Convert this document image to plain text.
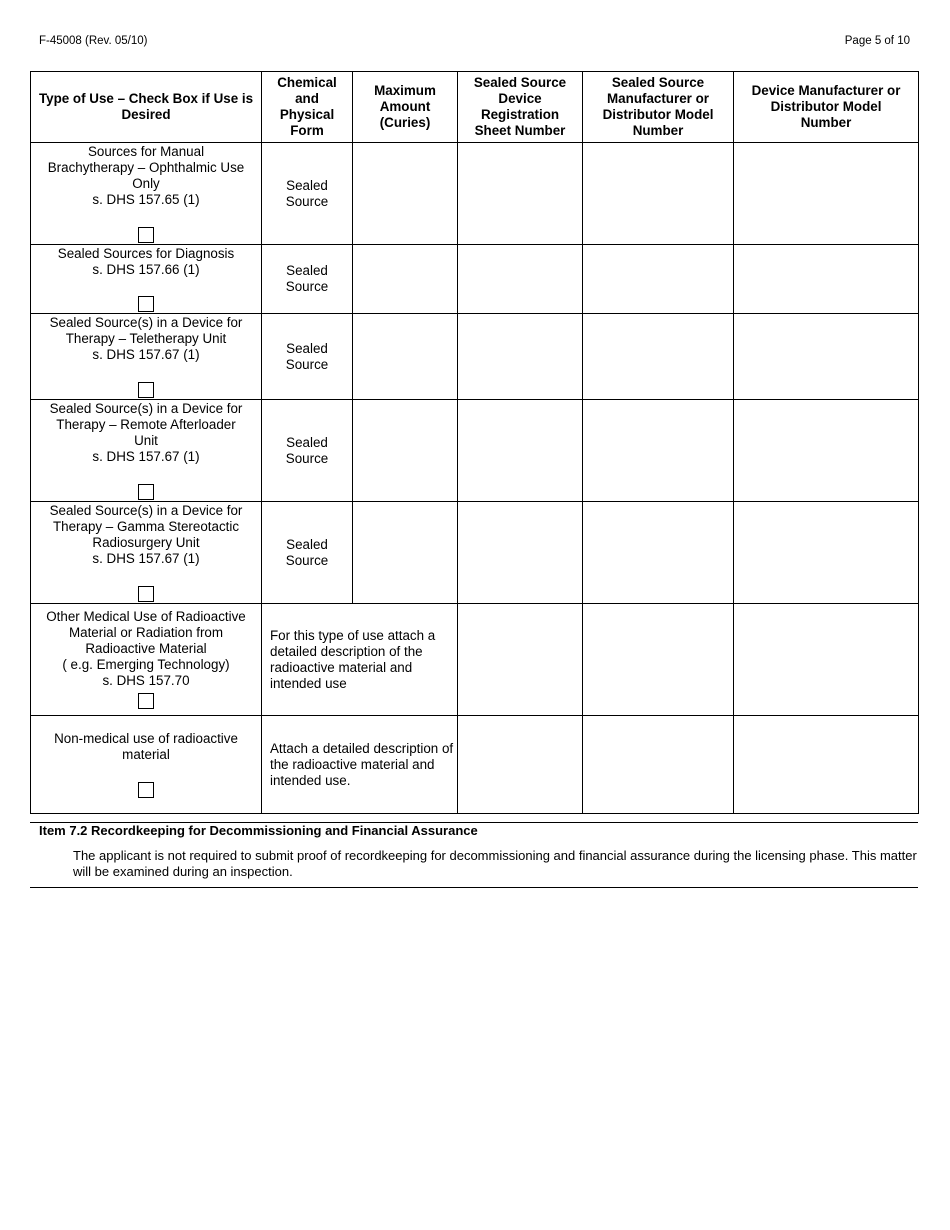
F-45008 (Rev. 05/10)	Page 5 of 10
Type of Use – Check Box if Use is Desired	Chemical and Physical Form	Maximum Amount (Curies)	Sealed Source Device Registration Sheet Number	Sealed Source Manufacturer or Distributor Model Number	Device Manufacturer or Distributor Model Number

Sources for Manual
Brachytherapy – Ophthalmic Use
Only
s. DHS 157.65 (1)	Sealed Source				

Sealed Sources for Diagnosis
s. DHS 157.66 (1)	Sealed Source				

Sealed Source(s) in a Device for
Therapy – Teletherapy Unit
s. DHS 157.67 (1)	Sealed Source				

Sealed Source(s) in a Device for
Therapy – Remote Afterloader
Unit
s. DHS 157.67 (1)	Sealed Source				

Sealed Source(s) in a Device for
Therapy – Gamma Stereotactic
Radiosurgery Unit
s. DHS 157.67 (1)	Sealed Source				

Other Medical Use of Radioactive
Material or Radiation from
Radioactive Material
( e.g. Emerging Technology)
s. DHS 157.70	For this type of use attach a detailed description of the radioactive material and intended use				

Non-medical use of radioactive
material	Attach a detailed description of the radioactive material and intended use.				

Item 7.2 Recordkeeping for Decommissioning and Financial Assurance
The applicant is not required to submit proof of recordkeeping for decommissioning and financial assurance during the licensing phase. This matter will be examined during an inspection.
